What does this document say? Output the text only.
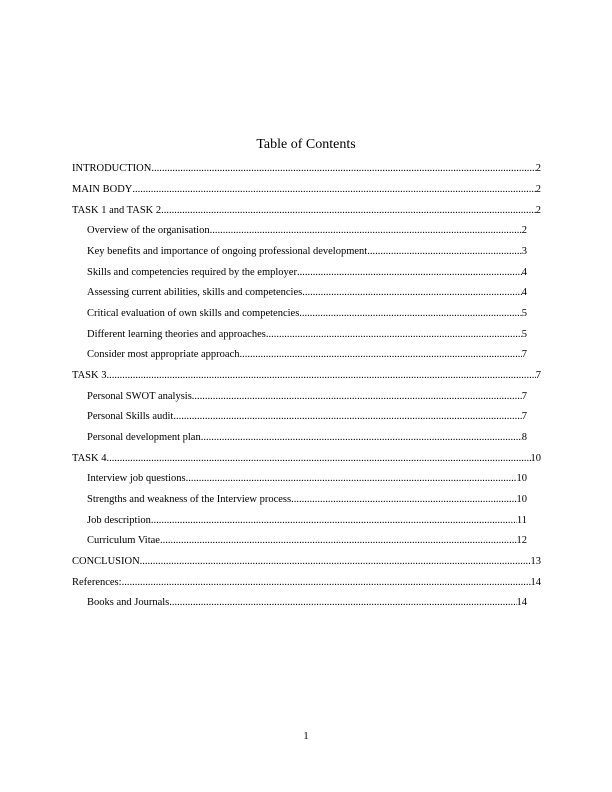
Table of Contents
INTRODUCTION .....	2
MAIN BODY .....	2
TASK 1 and TASK 2 .....	2
Overview of the organisation .....	2
Key benefits and importance of ongoing professional development .....	3
Skills and competencies required by the employer .....	4
Assessing current abilities, skills and competencies .....	4
Critical evaluation of own skills and competencies .....	5
Different learning theories and approaches .....	5
Consider most appropriate approach .....	7
TASK 3 .....	7
Personal SWOT analysis .....	7
Personal Skills audit .....	7
Personal development plan .....	8
TASK 4 .....	10
Interview job questions .....	10
Strengths and weakness of the Interview process .....	10
Job description .....	11
Curriculum Vitae .....	12
CONCLUSION .....	13
References: .....	14
Books and Journals .....	14
1
